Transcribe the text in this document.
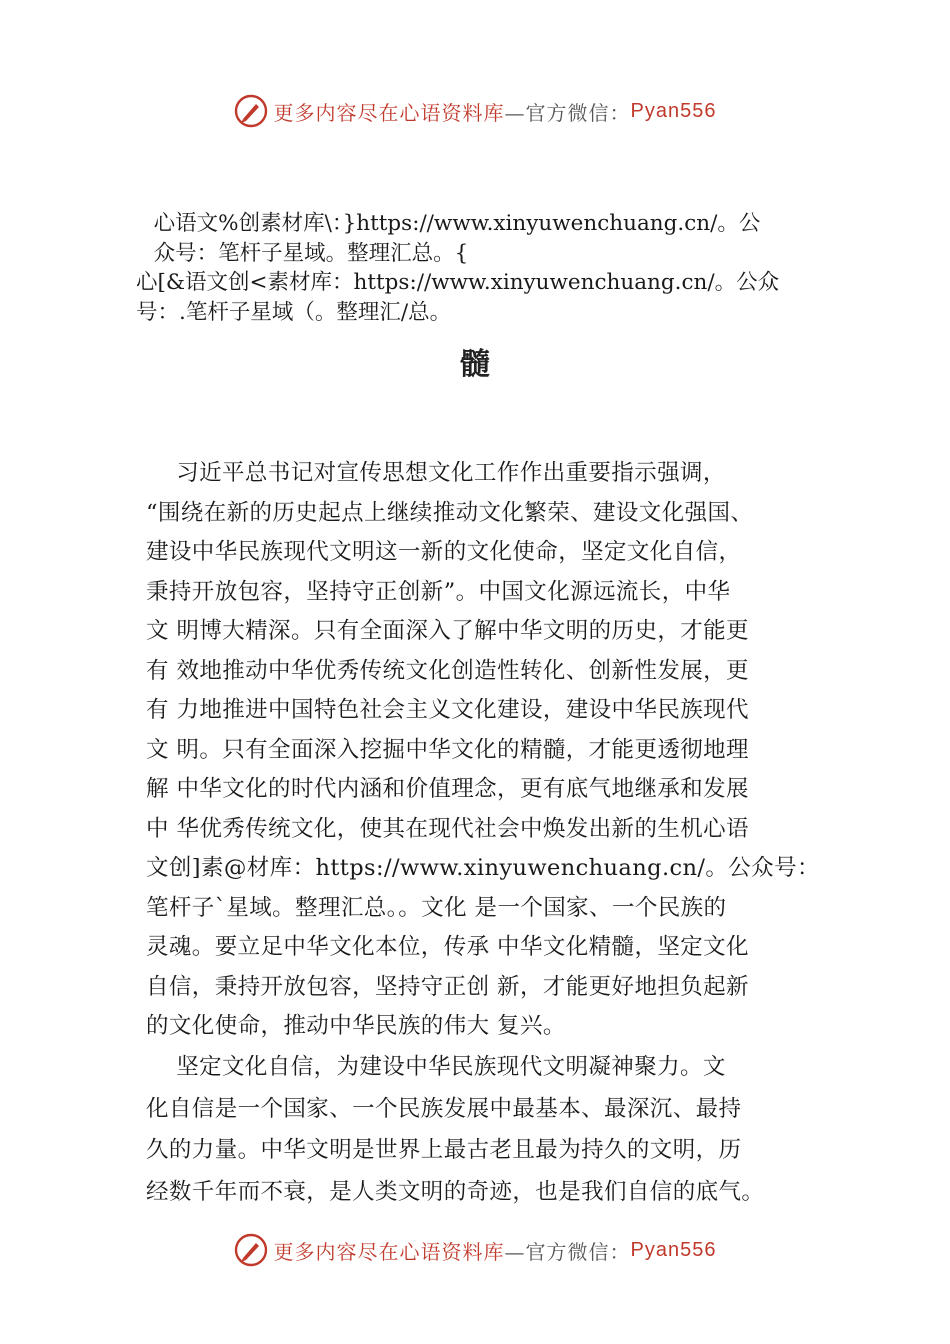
更多内容尽在心语资料库 —官方微信： Pyan556
心语文%创素材库\：}https://www.xinyuwenchuang.cn/。公
众号：笔杆子星域。整理汇总。{
心[&语文创<素材库：https://www.xinyuwenchuang.cn/。公众
号：.笔杆子星域（。整理汇/总。
髓
习近平总书记对宣传思想文化工作作出重要指示强调，
“围绕在新的历史起点上继续推动文化繁荣、建设文化强国、
建设中华民族现代文明这一新的文化使命，坚定文化自信，
秉持开放包容，坚持守正创新”。中国文化源远流长，中华
文 明博大精深。只有全面深入了解中华文明的历史，才能更
有 效地推动中华优秀传统文化创造性转化、创新性发展，更
有 力地推进中国特色社会主义文化建设，建设中华民族现代
文 明。只有全面深入挖掘中华文化的精髓，才能更透彻地理
解 中华文化的时代内涵和价值理念，更有底气地继承和发展
中 华优秀传统文化，使其在现代社会中焕发出新的生机心语
文创]素@材库：https://www.xinyuwenchuang.cn/。公众号：
笔杆子`星域。整理汇总。。文化 是一个国家、一个民族的
灵魂。要立足中华文化本位，传承 中华文化精髓，坚定文化
自信，秉持开放包容，坚持守正创 新，才能更好地担负起新
的文化使命，推动中华民族的伟大 复兴。
坚定文化自信，为建设中华民族现代文明凝神聚力。文
化自信是一个国家、一个民族发展中最基本、最深沉、最持
久的力量。中华文明是世界上最古老且最为持久的文明，历
经数千年而不衰，是人类文明的奇迹，也是我们自信的底气。
更多内容尽在心语资料库 —官方微信： Pyan556
